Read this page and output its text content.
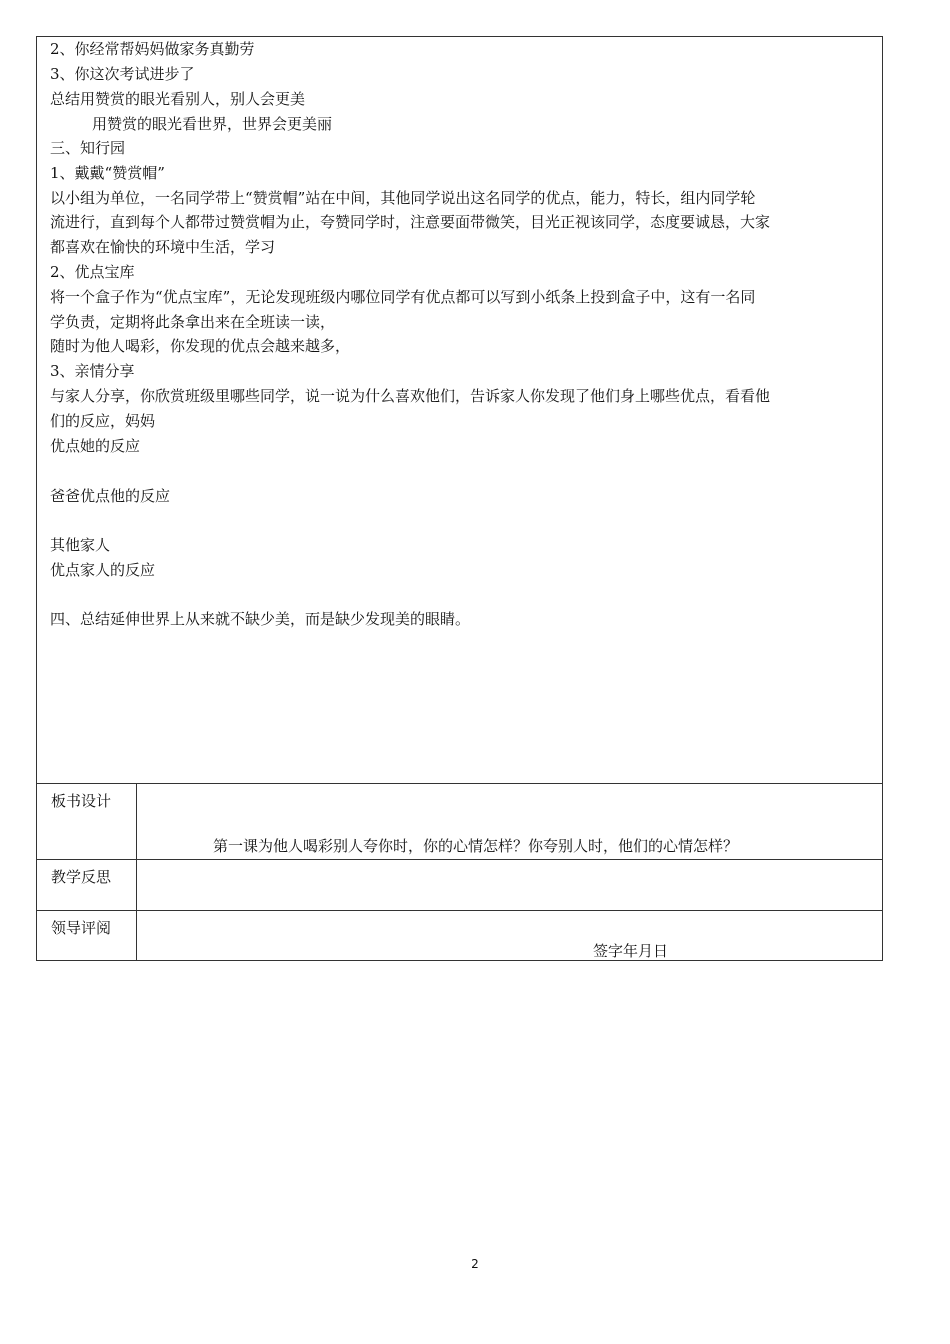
2、你经常帮妈妈做家务真勤劳
3、你这次考试进步了
总结用赞赏的眼光看别人，别人会更美
用赞赏的眼光看世界，世界会更美丽
三、知行园
1、戴戴“赞赏帽”
以小组为单位，一名同学带上“赞赏帽”站在中间，其他同学说出这名同学的优点，能力，特长，组内同学轮
流进行，直到每个人都带过赞赏帽为止，夸赞同学时，注意要面带微笑，目光正视该同学，态度要诚恳，大家
都喜欢在愉快的环境中生活，学习
2、优点宝库
将一个盒子作为“优点宝库”，无论发现班级内哪位同学有优点都可以写到小纸条上投到盒子中，这有一名同
学负责，定期将此条拿出来在全班读一读，
随时为他人喝彩，你发现的优点会越来越多，
3、亲情分享
与家人分享，你欣赏班级里哪些同学，说一说为什么喜欢他们，告诉家人你发现了他们身上哪些优点，看看他
们的反应，妈妈
优点她的反应
爸爸优点他的反应
其他家人
优点家人的反应
四、总结延伸世界上从来就不缺少美，而是缺少发现美的眼睛。
板书设计
第一课为他人喝彩别人夸你时，你的心情怎样？你夸别人时，他们的心情怎样？
教学反思
领导评阅
签字年月日
2
